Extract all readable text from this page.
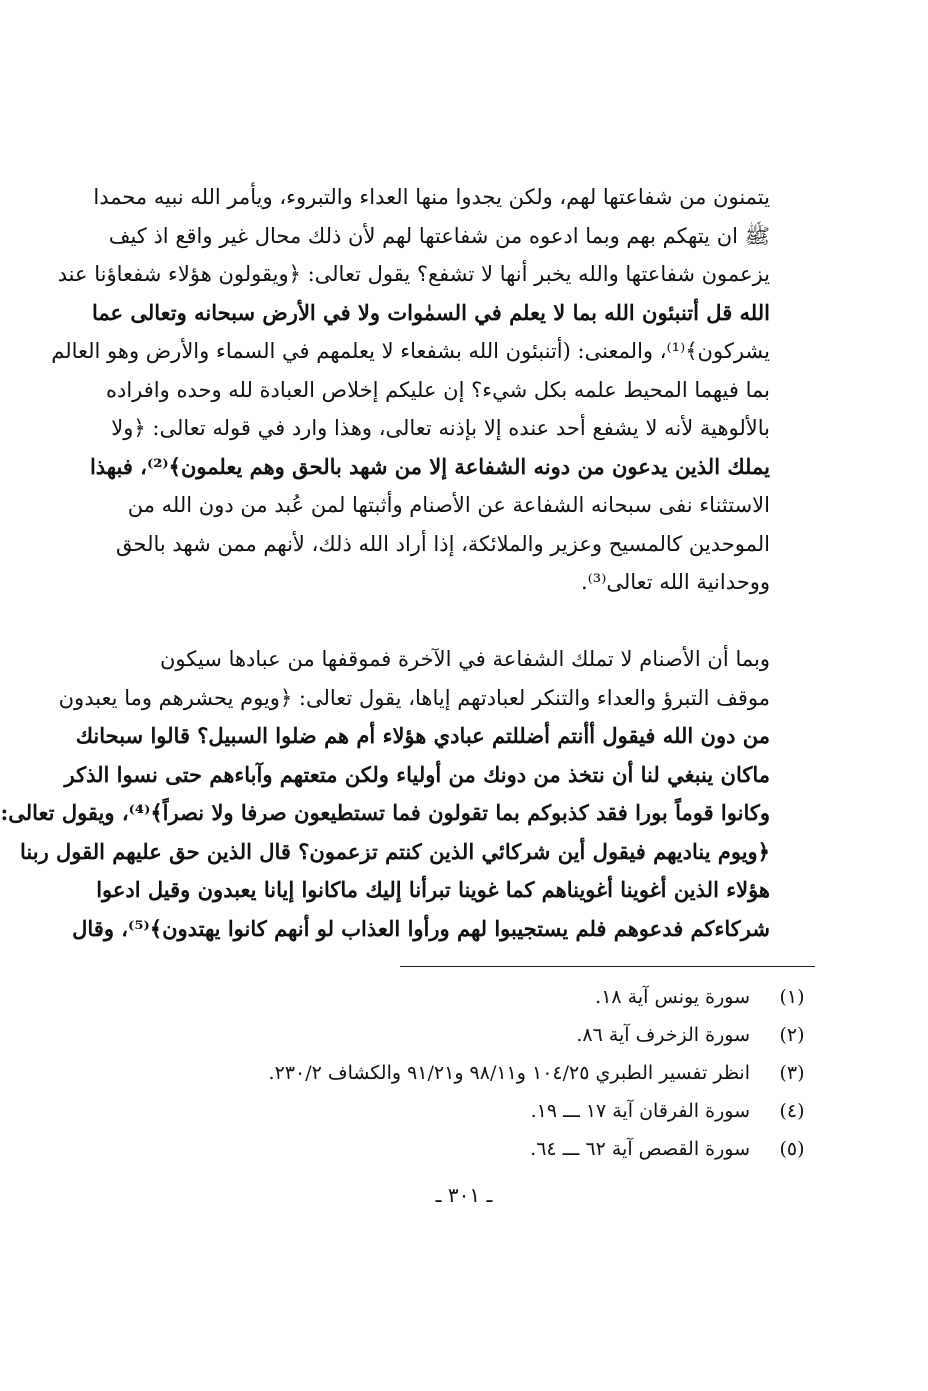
يتمنون من شفاعتها لهم، ولكن يجدوا منها العداء والتبروء، ويأمر الله نبيه محمدا
ﷺ ان يتهكم بهم وبما ادعوه من شفاعتها لهم لأن ذلك محال غير واقع اذ كيف
يزعمون شفاعتها والله يخبر أنها لا تشفع؟ يقول تعالى: ﴿ويقولون هؤلاء شفعاؤنا عند
الله قل أتنبئون الله بما لا يعلم في السمٰوات ولا في الأرض سبحانه وتعالى عما
يشركون﴾⁽¹⁾، والمعنى: (أتنبئون الله بشفعاء لا يعلمهم في السماء والأرض وهو العالم
بما فيهما المحيط علمه بكل شيء؟ إن عليكم إخلاص العبادة لله وحده وافراده
بالألوهية لأنه لا يشفع أحد عنده إلا بإذنه تعالى، وهذا وارد في قوله تعالى: ﴿ولا
يملك الذين يدعون من دونه الشفاعة إلا من شهد بالحق وهم يعلمون﴾⁽²⁾، فبهذا
الاستثناء نفى سبحانه الشفاعة عن الأصنام وأثبتها لمن عُبد من دون الله من
الموحدين كالمسيح وعزير والملائكة، إذا أراد الله ذلك، لأنهم ممن شهد بالحق
ووحدانية الله تعالى⁽³⁾.
وبما أن الأصنام لا تملك الشفاعة في الآخرة فموقفها من عبادها سيكون
موقف التبرؤ والعداء والتنكر لعبادتهم إياها، يقول تعالى: ﴿ويوم يحشرهم وما يعبدون
من دون الله فيقول أأنتم أضللتم عبادي هؤلاء أم هم ضلوا السبيل؟ قالوا سبحانك
ماكان ينبغي لنا أن نتخذ من دونك من أولياء ولكن متعتهم وآباءهم حتى نسوا الذكر
وكانوا قوماً بورا فقد كذبوكم بما تقولون فما تستطيعون صرفا ولا نصراً﴾⁽⁴⁾، ويقول تعالى:
﴿ويوم يناديهم فيقول أين شركائي الذين كنتم تزعمون؟ قال الذين حق عليهم القول ربنا
هؤلاء الذين أغوينا أغويناهم كما غوينا تبرأنا إليك ماكانوا إيانا يعبدون وقيل ادعوا
شركاءكم فدعوهم فلم يستجيبوا لهم ورأوا العذاب لو أنهم كانوا يهتدون﴾⁽⁵⁾، وقال
(١)
سورة يونس آية ١٨.
(٢)
سورة الزخرف آية ٨٦.
(٣)
انظر تفسير الطبري ١٠٤/٢٥ و٩٨/١١ و٩١/٢١ والكشاف ٢٣٠/٢.
(٤)
سورة الفرقان آية ١٧ ـــ ١٩.
(٥)
سورة القصص آية ٦٢ ـــ ٦٤.
ـ ٣٠١ ـ
